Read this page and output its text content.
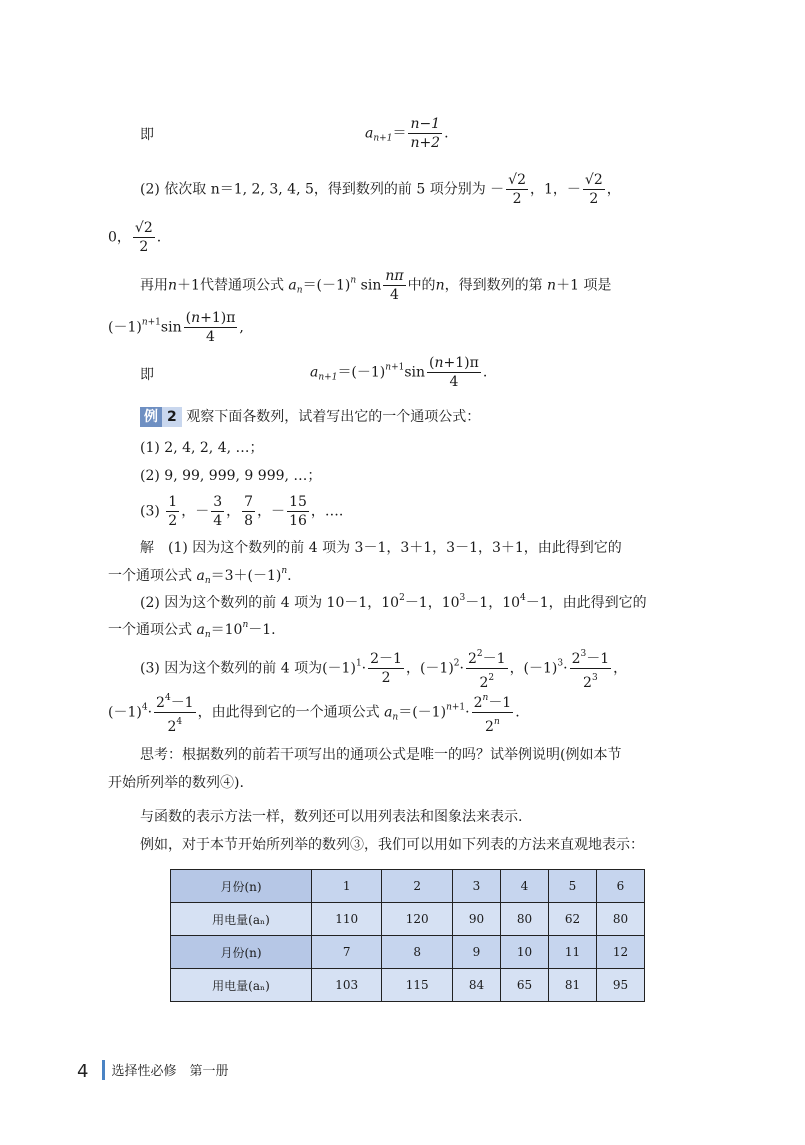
即	$a_{n+1}= \frac{n-1}{n+2}$ .
(2) 依次取 n＝1, 2, 3, 4, 5，得到数列的前 5 项分别为 － $\frac{√2}{2}$ ，1，－ $\frac{√2}{2}$ ，
0， $\frac{√2}{2}$ .
再用n＋1代替通项公式 $a_n=(-1)^n$ $\sin \frac{n\pi}{4}$ 中的n，得到数列的第 n＋1 项是
$(-1)^{n+1}\sin \frac{(n+1)\pi}{4}$ ,
即	$a_{n+1}=(-1)^{n+1}\sin \frac{(n+1)\pi}{4}$ .
例 2 观察下面各数列，试着写出它的一个通项公式：
(1) 2, 4, 2, 4, …；
(2) 9, 99, 999, 9 999, …；
$(3) \frac{1}{2}$ ，－ $\frac{3}{4}$ ， $\frac{7}{8}$ ，－ $\frac{15}{16}$ ，….
解　(1) 因为这个数列的前 4 项为 3－1，3＋1，3－1，3＋1，由此得到它的
一个通项公式 $a_n=3+(-1)^n$.
(2) 因为这个数列的前 4 项为 10－1，$10^2-1$，$10^3-1$，$10^4-1$，由此得到它的
一个通项公式 $a_n=10^n-1$.
(3) 因为这个数列的前 4 项为$(-1)^1\cdot \frac{2-1}{2}$ ，$(-1)^2\cdot \frac{2^2-1}{2^2}$ ，$(-1)^3\cdot \frac{2^3-1}{2^3}$ ，
$(-1)^4\cdot \frac{2^4-1}{2^4}$ ，由此得到它的一个通项公式 $a_n=(-1)^{n+1}\cdot \frac{2^n-1}{2^n}$ .
思考：根据数列的前若干项写出的通项公式是唯一的吗？试举例说明(例如本节
开始所列举的数列④).
与函数的表示方法一样，数列还可以用列表法和图象法来表示.
例如，对于本节开始所列举的数列③，我们可以用如下列表的方法来直观地表示：
月份(n)	1	2	3	4	5	6
用电量(aₙ)	110	120	90	80	62	80
月份(n)	7	8	9	10	11	12
用电量(aₙ)	103	115	84	65	81	95
4 选择性必修　第一册
